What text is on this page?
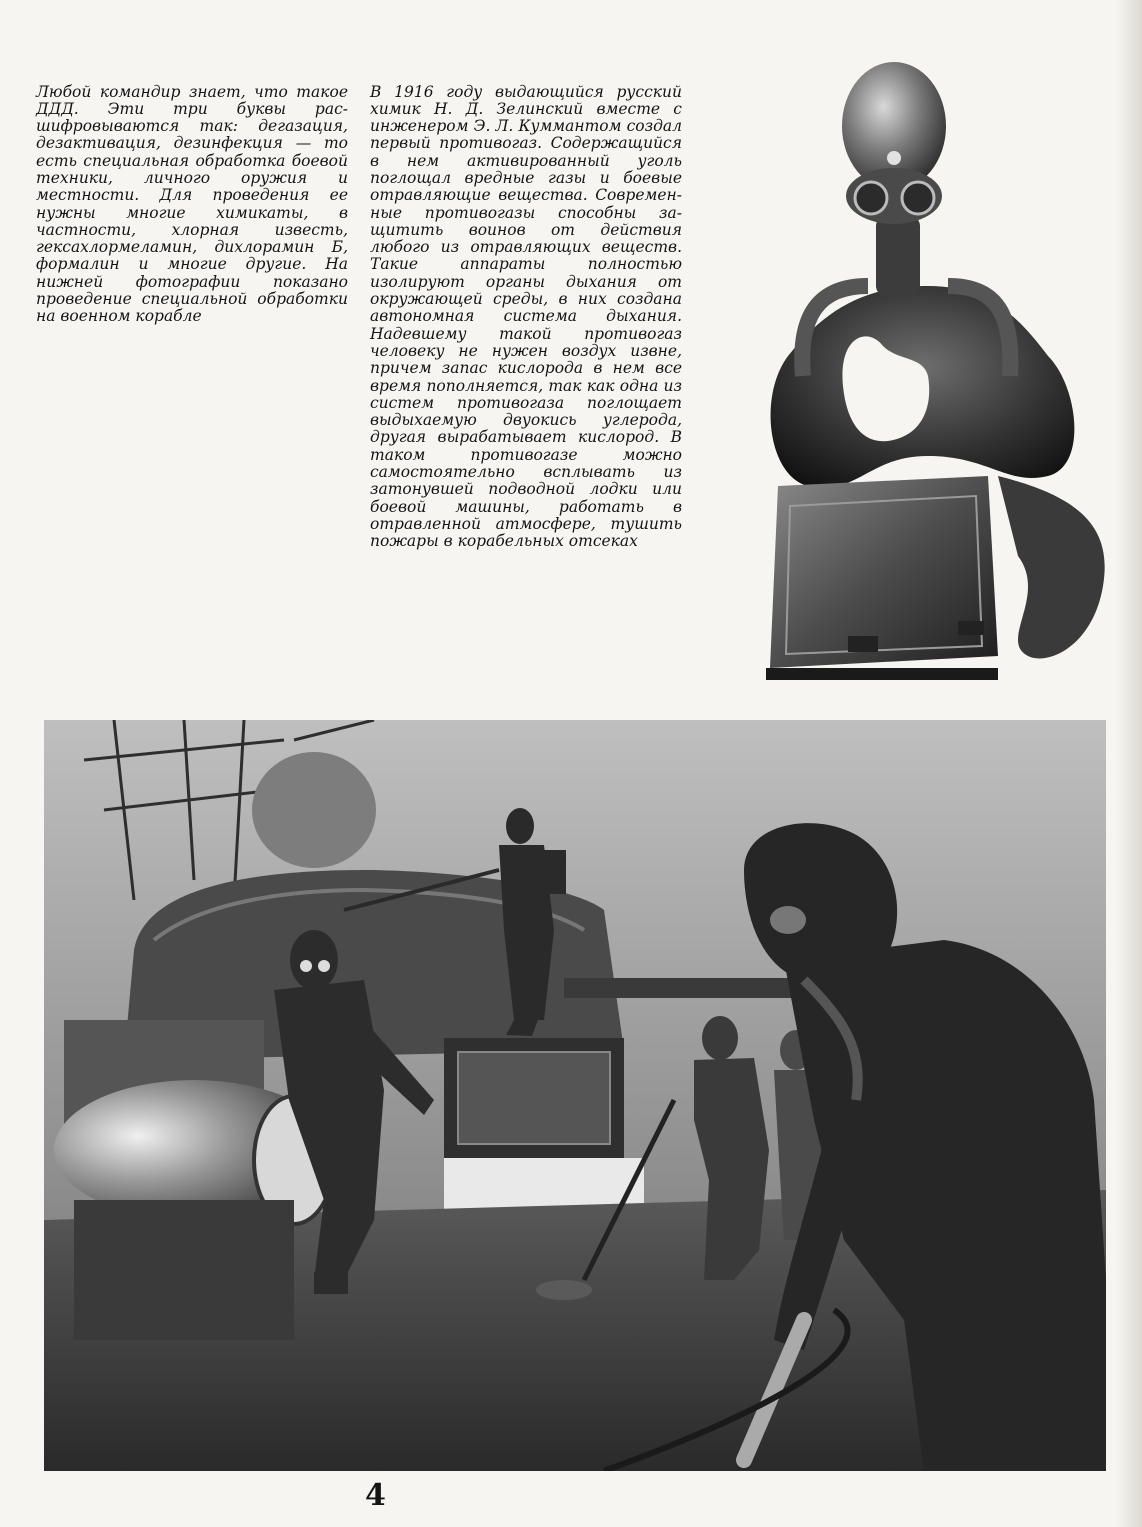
Любой командир знает, что такое ДДД. Эти три буквы расшифровываются так: дегазация, дезактивация, дезинфекция — то есть специальная обработка боевой техники, личного оружия и местности. Для проведения ее нужны многие химикаты, в частности, хлорная известь, гексахлормеламин, дихлорамин Б, формалин и многие другие. На нижней фотографии показано проведение специальной обработки на военном корабле

В 1916 году выдающийся русский химик Н. Д. Зелинский вместе с инженером Э. Л. Куммантом создал первый противогаз. Содержащийся в нем активированный уголь поглощал вредные газы и боевые отравляющие вещества. Современные противогазы способны защитить воинов от действия любого из отравляющих веществ. Такие аппараты полностью изолируют органы дыхания от окружающей среды, в них создана автономная система дыхания. Надевшему такой противогаз человеку не нужен воздух извне, причем запас кислорода в нем все время пополняется, так как одна из систем противогаза поглощает выдыхаемую двуокись углерода, другая вырабатывает кислород. В таком противогазе можно самостоятельно всплывать из затонувшей подводной лодки или боевой машины, работать в отравленной атмосфере, тушить пожары в корабельных отсеках

4
